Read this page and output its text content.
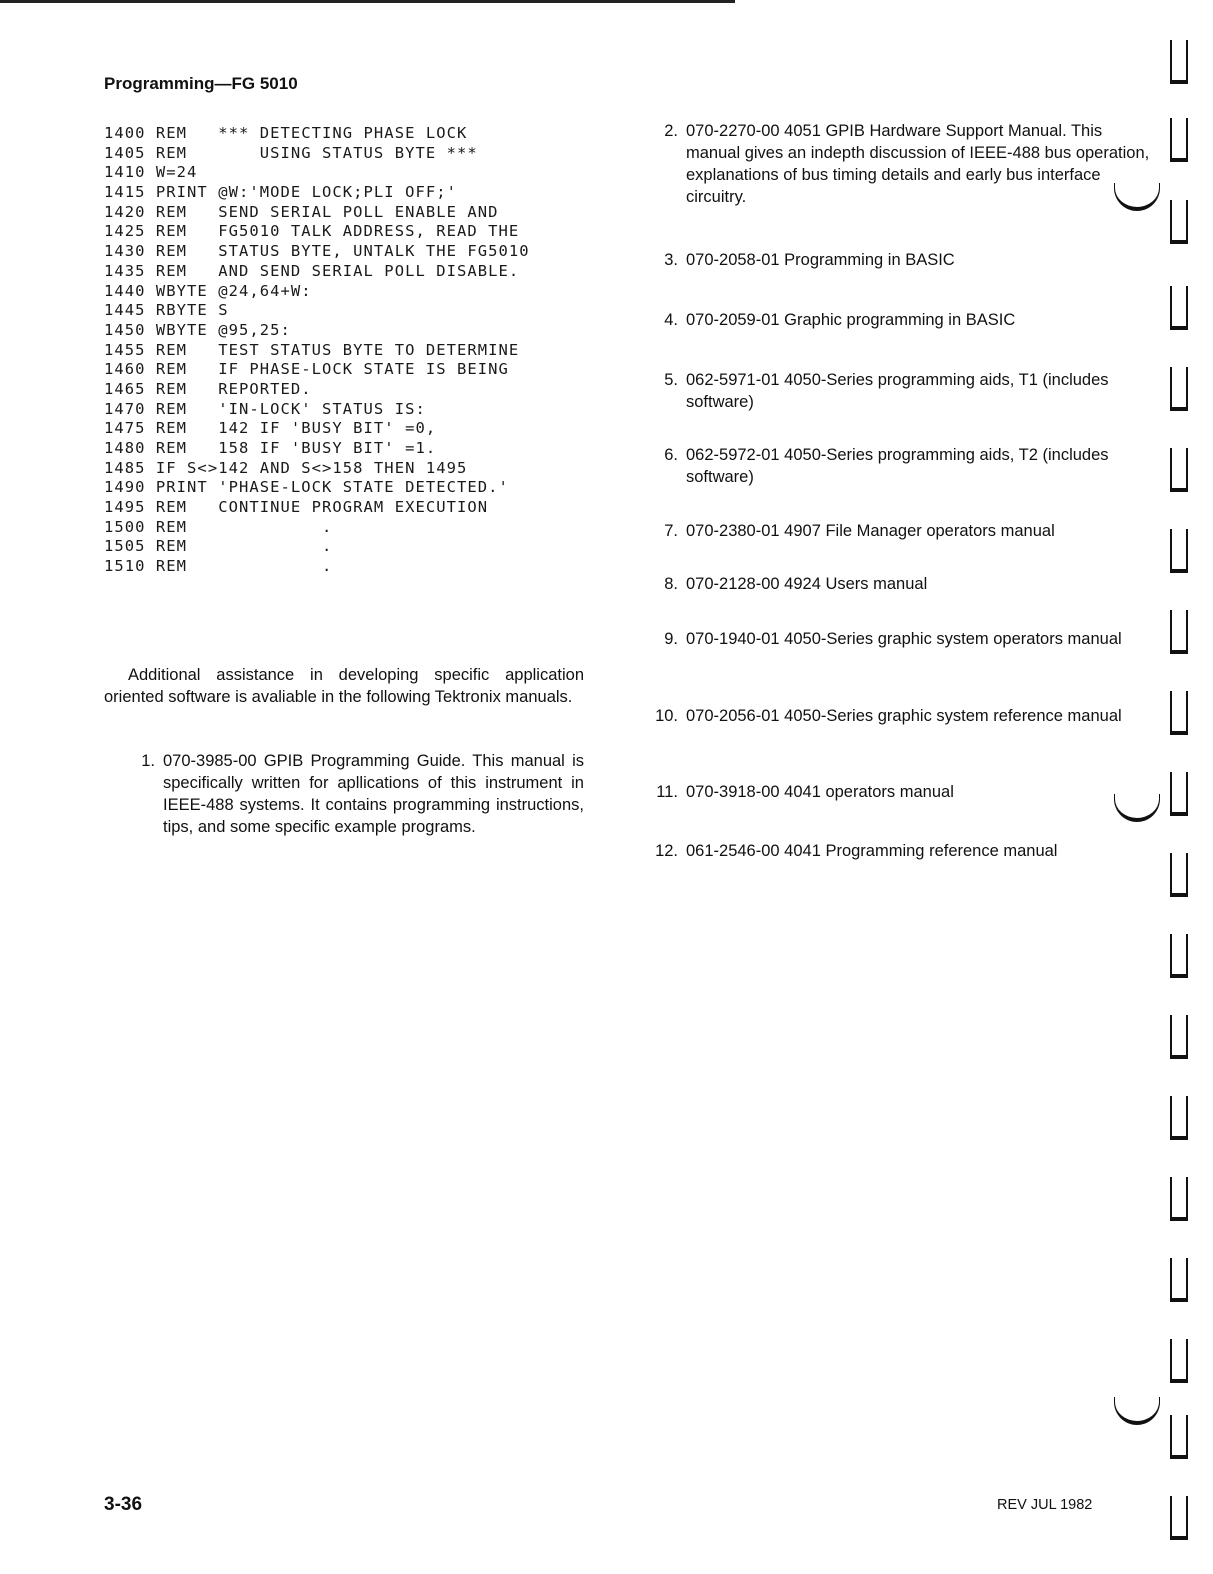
Programming—FG 5010
1400 REM   *** DETECTING PHASE LOCK
1405 REM       USING STATUS BYTE ***
1410 W=24
1415 PRINT @W:'MODE LOCK;PLI OFF;'
1420 REM   SEND SERIAL POLL ENABLE AND
1425 REM   FG5010 TALK ADDRESS, READ THE
1430 REM   STATUS BYTE, UNTALK THE FG5010
1435 REM   AND SEND SERIAL POLL DISABLE.
1440 WBYTE @24,64+W:
1445 RBYTE S
1450 WBYTE @95,25:
1455 REM   TEST STATUS BYTE TO DETERMINE
1460 REM   IF PHASE-LOCK STATE IS BEING
1465 REM   REPORTED.
1470 REM   'IN-LOCK' STATUS IS:
1475 REM   142 IF 'BUSY BIT' =0,
1480 REM   158 IF 'BUSY BIT' =1.
1485 IF S<>142 AND S<>158 THEN 1495
1490 PRINT 'PHASE-LOCK STATE DETECTED.'
1495 REM   CONTINUE PROGRAM EXECUTION
1500 REM             .
1505 REM             .
1510 REM             .

Additional assistance in developing specific application oriented software is avaliable in the following Tektronix manuals.

1. 070-3985-00 GPIB Programming Guide. This manual is specifically written for apllications of this instrument in IEEE-488 systems. It contains programming instructions, tips, and some specific example programs.
2. 070-2270-00 4051 GPIB Hardware Support Manual. This manual gives an indepth discussion of IEEE-488 bus operation, explanations of bus timing details and early bus interface circuitry.
3. 070-2058-01 Programming in BASIC
4. 070-2059-01 Graphic programming in BASIC
5. 062-5971-01 4050-Series programming aids, T1 (includes software)
6. 062-5972-01 4050-Series programming aids, T2 (includes software)
7. 070-2380-01 4907 File Manager operators manual
8. 070-2128-00 4924 Users manual
9. 070-1940-01 4050-Series graphic system operators manual
10. 070-2056-01 4050-Series graphic system reference manual
11. 070-3918-00 4041 operators manual
12. 061-2546-00 4041 Programming reference manual
3-36	REV JUL 1982
